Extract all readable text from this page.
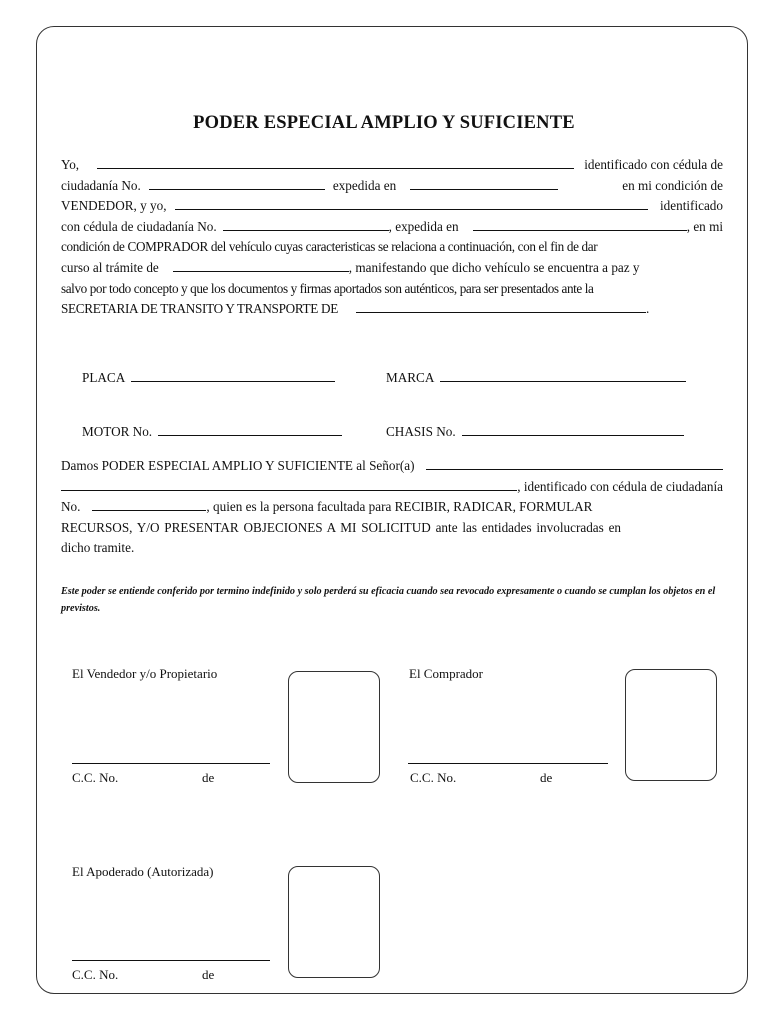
PODER ESPECIAL AMPLIO Y SUFICIENTE
Yo,	identificado con cédula de
ciudadanía No.	expedida en	en mi condición de
VENDEDOR, y yo,	identificado
con cédula de ciudadanía No.	, expedida en	, en mi
condición de COMPRADOR del vehículo cuyas caracteristicas se relaciona a continuación, con el fin de dar
curso al trámite de	, manifestando que dicho vehículo se encuentra a paz y
salvo por todo concepto y que los documentos y firmas aportados son auténticos, para ser presentados ante la
SECRETARIA DE TRANSITO Y TRANSPORTE DE	.
PLACA	MARCA
MOTOR No.	CHASIS No.
Damos PODER ESPECIAL AMPLIO Y SUFICIENTE al Señor(a)
, identificado con cédula de ciudadanía
No.	, quien es la persona facultada para RECIBIR, RADICAR, FORMULAR
RECURSOS, Y/O PRESENTAR OBJECIONES A MI SOLICITUD ante las entidades involucradas en
dicho tramite.
Este poder se entiende conferido por termino indefinido y solo perderá su eficacia cuando sea revocado expresamente o cuando se cumplan los objetos en el previstos.
El Vendedor y/o Propietario
C.C. No.	de
El Comprador
C.C. No.	de
El Apoderado (Autorizada)
C.C. No.	de
